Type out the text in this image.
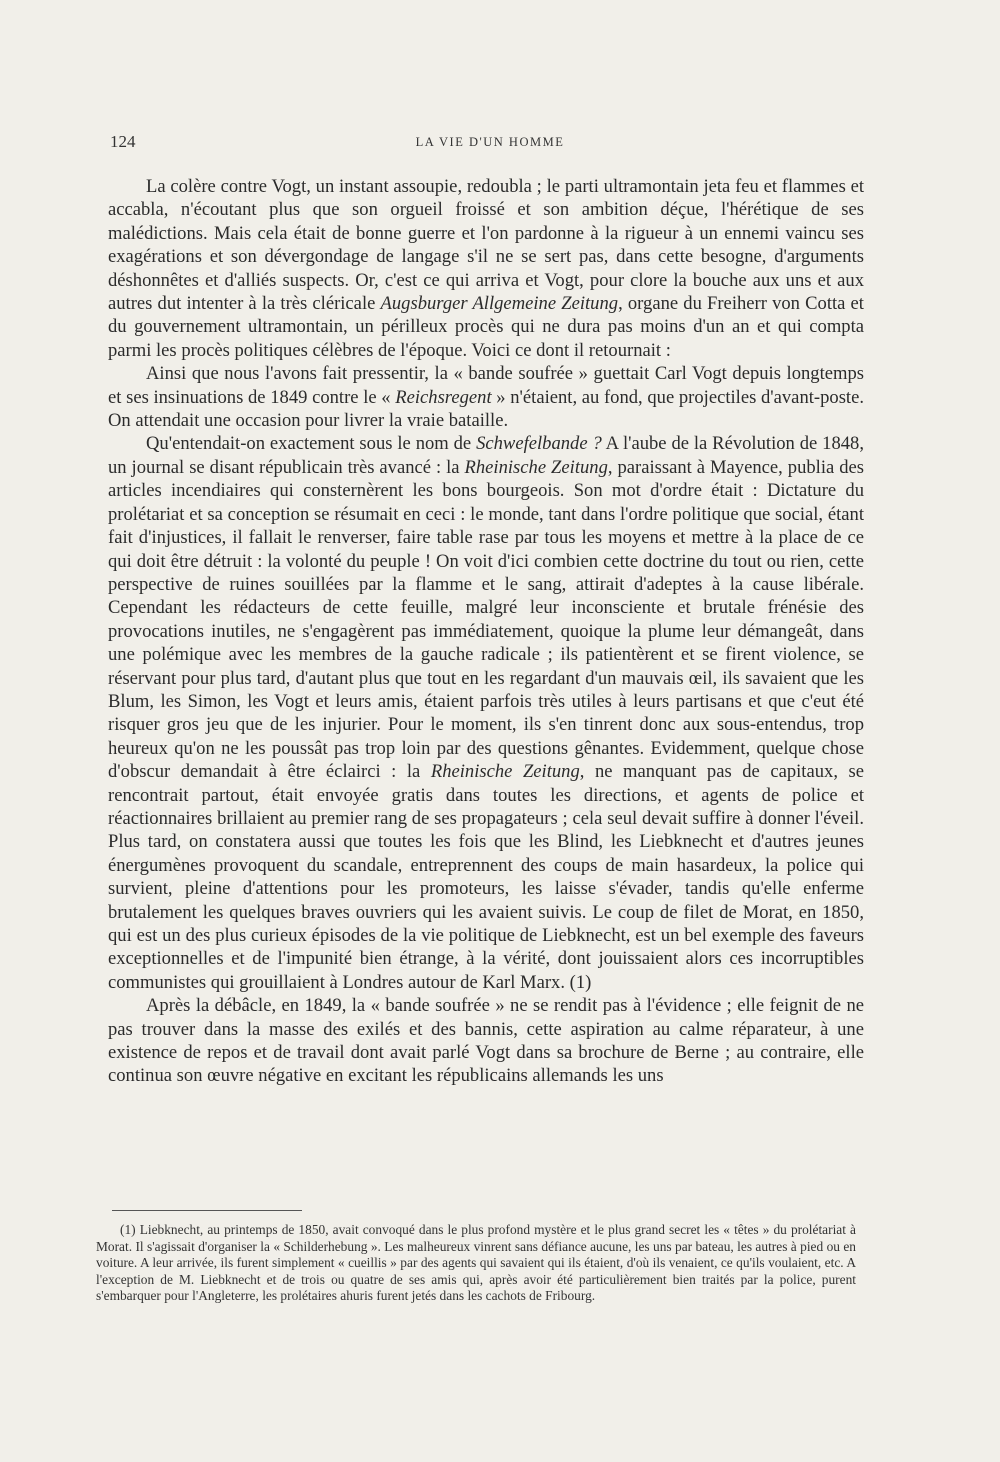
124	LA VIE D'UN HOMME

La colère contre Vogt, un instant assoupie, redoubla ; le parti ultramontain jeta feu et flammes et accabla, n'écoutant plus que son orgueil froissé et son ambition déçue, l'hérétique de ses malédictions. Mais cela était de bonne guerre et l'on pardonne à la rigueur à un ennemi vaincu ses exagérations et son dévergondage de langage s'il ne se sert pas, dans cette besogne, d'arguments déshonnêtes et d'alliés suspects. Or, c'est ce qui arriva et Vogt, pour clore la bouche aux uns et aux autres dut intenter à la très cléricale Augsburger Allgemeine Zeitung, organe du Freiherr von Cotta et du gouvernement ultramontain, un périlleux procès qui ne dura pas moins d'un an et qui compta parmi les procès politiques célèbres de l'époque. Voici ce dont il retournait :

Ainsi que nous l'avons fait pressentir, la « bande soufrée » guettait Carl Vogt depuis longtemps et ses insinuations de 1849 contre le « Reichsregent » n'étaient, au fond, que projectiles d'avant-poste. On attendait une occasion pour livrer la vraie bataille.

Qu'entendait-on exactement sous le nom de Schwefelbande ? A l'aube de la Révolution de 1848, un journal se disant républicain très avancé : la Rheinische Zeitung, paraissant à Mayence, publia des articles incendiaires qui consternèrent les bons bourgeois. Son mot d'ordre était : Dictature du prolétariat et sa conception se résumait en ceci : le monde, tant dans l'ordre politique que social, étant fait d'injustices, il fallait le renverser, faire table rase par tous les moyens et mettre à la place de ce qui doit être détruit : la volonté du peuple ! On voit d'ici combien cette doctrine du tout ou rien, cette perspective de ruines souillées par la flamme et le sang, attirait d'adeptes à la cause libérale. Cependant les rédacteurs de cette feuille, malgré leur inconsciente et brutale frénésie des provocations inutiles, ne s'engagèrent pas immédiatement, quoique la plume leur démangeât, dans une polémique avec les membres de la gauche radicale ; ils patientèrent et se firent violence, se réservant pour plus tard, d'autant plus que tout en les regardant d'un mauvais œil, ils savaient que les Blum, les Simon, les Vogt et leurs amis, étaient parfois très utiles à leurs partisans et que c'eut été risquer gros jeu que de les injurier. Pour le moment, ils s'en tinrent donc aux sous-entendus, trop heureux qu'on ne les poussât pas trop loin par des questions gênantes. Evidemment, quelque chose d'obscur demandait à être éclairci : la Rheinische Zeitung, ne manquant pas de capitaux, se rencontrait partout, était envoyée gratis dans toutes les directions, et agents de police et réactionnaires brillaient au premier rang de ses propagateurs ; cela seul devait suffire à donner l'éveil. Plus tard, on constatera aussi que toutes les fois que les Blind, les Liebknecht et d'autres jeunes énergumènes provoquent du scandale, entreprennent des coups de main hasardeux, la police qui survient, pleine d'attentions pour les promoteurs, les laisse s'évader, tandis qu'elle enferme brutalement les quelques braves ouvriers qui les avaient suivis. Le coup de filet de Morat, en 1850, qui est un des plus curieux épisodes de la vie politique de Liebknecht, est un bel exemple des faveurs exceptionnelles et de l'impunité bien étrange, à la vérité, dont jouissaient alors ces incorruptibles communistes qui grouillaient à Londres autour de Karl Marx. (1)

Après la débâcle, en 1849, la « bande soufrée » ne se rendit pas à l'évidence ; elle feignit de ne pas trouver dans la masse des exilés et des bannis, cette aspiration au calme réparateur, à une existence de repos et de travail dont avait parlé Vogt dans sa brochure de Berne ; au contraire, elle continua son œuvre négative en excitant les républicains allemands les uns

(1) Liebknecht, au printemps de 1850, avait convoqué dans le plus profond mystère et le plus grand secret les « têtes » du prolétariat à Morat. Il s'agissait d'organiser la « Schilderhebung ». Les malheureux vinrent sans défiance aucune, les uns par bateau, les autres à pied ou en voiture. A leur arrivée, ils furent simplement « cueillis » par des agents qui savaient qui ils étaient, d'où ils venaient, ce qu'ils voulaient, etc. A l'exception de M. Liebknecht et de trois ou quatre de ses amis qui, après avoir été particulièrement bien traités par la police, purent s'embarquer pour l'Angleterre, les prolétaires ahuris furent jetés dans les cachots de Fribourg.
